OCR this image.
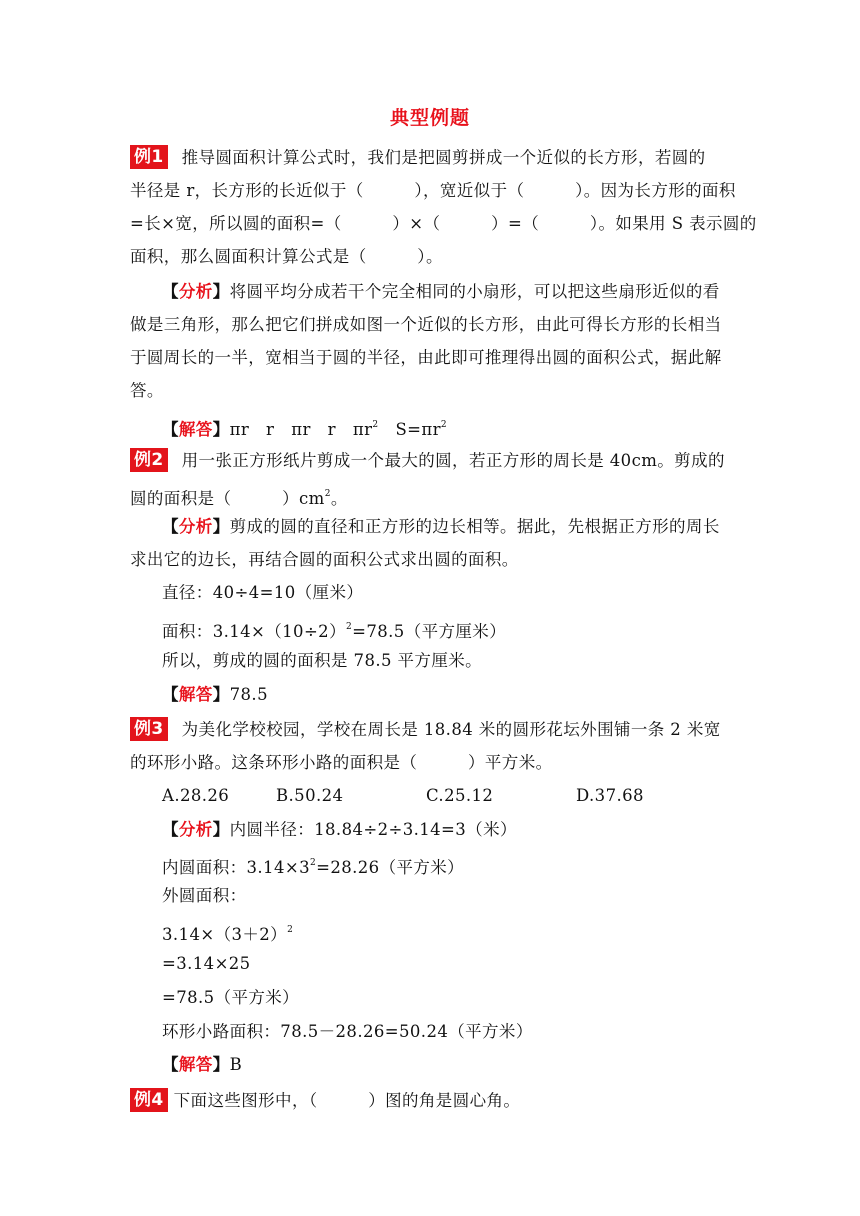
典型例题
例1 推导圆面积计算公式时，我们是把圆剪拼成一个近似的长方形，若圆的
半径是 r，长方形的长近似于（　　　），宽近似于（　　　）。因为长方形的面积
=长×宽，所以圆的面积=（　　　）×（　　　）=（　　　）。如果用 S 表示圆的
面积，那么圆面积计算公式是（　　　）。
【分析】将圆平均分成若干个完全相同的小扇形，可以把这些扇形近似的看
做是三角形，那么把它们拼成如图一个近似的长方形，由此可得长方形的长相当
于圆周长的一半，宽相当于圆的半径，由此即可推理得出圆的面积公式，据此解
答。
【解答】πr　r　πr　r　$\pi r^2$　$S=\pi r^2$
例2 用一张正方形纸片剪成一个最大的圆，若正方形的周长是 40cm。剪成的
圆的面积是（　　　）$cm^2$。
【分析】剪成的圆的直径和正方形的边长相等。据此，先根据正方形的周长
求出它的边长，再结合圆的面积公式求出圆的面积。
直径：40÷4=10（厘米）
面积：$3.14\times(10\div 2)^2=78.5$（平方厘米）
所以，剪成的圆的面积是 78.5 平方厘米。
【解答】78.5
例3 为美化学校校园，学校在周长是 18.84 米的圆形花坛外围铺一条 2 米宽
的环形小路。这条环形小路的面积是（　　　）平方米。
A.28.26	B.50.24	C.25.12	D.37.68
【分析】内圆半径：18.84÷2÷3.14=3（米）
内圆面积：$3.14\times 3^2=28.26$（平方米）
外圆面积：
$3.14\times(3+2)^2$
=3.14×25
=78.5（平方米）
环形小路面积：78.5－28.26=50.24（平方米）
【解答】B
例4 下面这些图形中，（　　　）图的角是圆心角。
